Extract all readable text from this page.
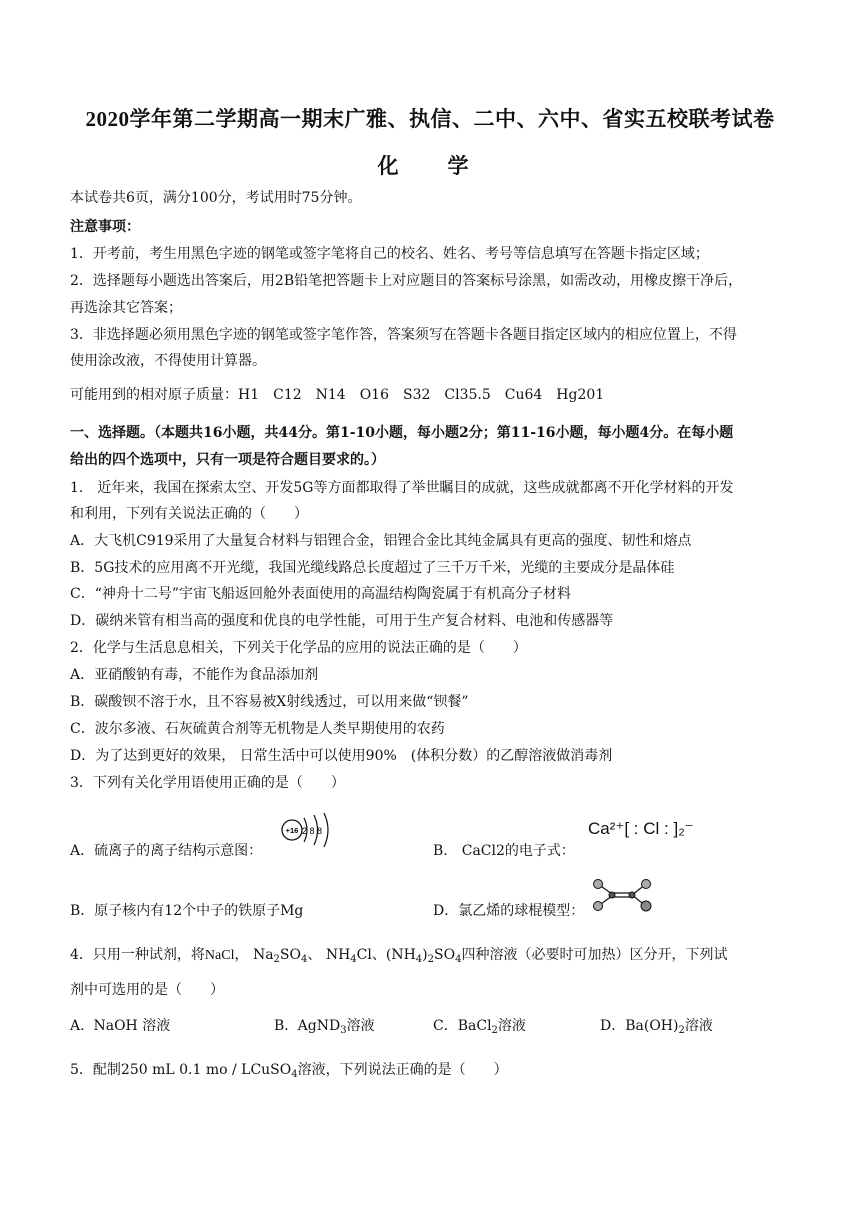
2020学年第二学期高一期末广雅、执信、二中、六中、省实五校联考试卷
化　学
本试卷共6页，满分100分，考试用时75分钟。
注意事项：
1．开考前，考生用黑色字迹的钢笔或签字笔将自己的校名、姓名、考号等信息填写在答题卡指定区域；
2．选择题每小题选出答案后，用2B铅笔把答题卡上对应题目的答案标号涂黑，如需改动，用橡皮擦干净后，
再选涂其它答案；
3．非选择题必须用黑色字迹的钢笔或签字笔作答，答案须写在答题卡各题目指定区域内的相应位置上，不得
使用涂改液，不得使用计算器。
可能用到的相对原子质量：H1　C12　N14　O16　S32　Cl35.5　Cu64　Hg201
一、选择题。（本题共16小题，共44分。第1-10小题，每小题2分；第11-16小题，每小题4分。在每小题
给出的四个选项中，只有一项是符合题目要求的。）
1.　近年来，我国在探索太空、开发5G等方面都取得了举世瞩目的成就，这些成就都离不开化学材料的开发
和利用，下列有关说法正确的（　　）
A．大飞机C919采用了大量复合材料与铝锂合金，铝锂合金比其纯金属具有更高的强度、韧性和熔点
B．5G技术的应用离不开光缆，我国光缆线路总长度超过了三千万千米，光缆的主要成分是晶体硅
C．“神舟十二号”宇宙飞船返回舱外表面使用的高温结构陶瓷属于有机高分子材料
D．碳纳米管有相当高的强度和优良的电学性能，可用于生产复合材料、电池和传感器等
2．化学与生活息息相关，下列关于化学品的应用的说法正确的是（　　）
A．亚硝酸钠有毒，不能作为食品添加剂
B．碳酸钡不溶于水，且不容易被X射线透过，可以用来做“钡餐”
C．波尔多液、石灰硫黄合剂等无机物是人类早期使用的农药
D．为了达到更好的效果， 日常生活中可以使用90%　(体积分数）的乙醇溶液做消毒剂
3．下列有关化学用语使用正确的是（　　）
A．硫离子的离子结构示意图：
+16 2 8 8
B.　CaCl2的电子式：
Ca²⁺[ : Cl : ]₂⁻
B．原子核内有12个中子的铁原子Mg	D．氯乙烯的球棍模型：
4．只用一种试剂，将NaCl， $Na_2SO_4$、 $NH_4Cl$、$(NH_4)_2SO_4$四种溶液（必要时可加热）区分开，下列试
剂中可选用的是（　　）
A. NaOH 溶液	B. AgND$_3$溶液	C．BaCl$_2$溶液	D．$Ba(OH)_2$溶液
5．配制250 mL 0.1 mo / LCuSO$_4$溶液，下列说法正确的是（　　）
